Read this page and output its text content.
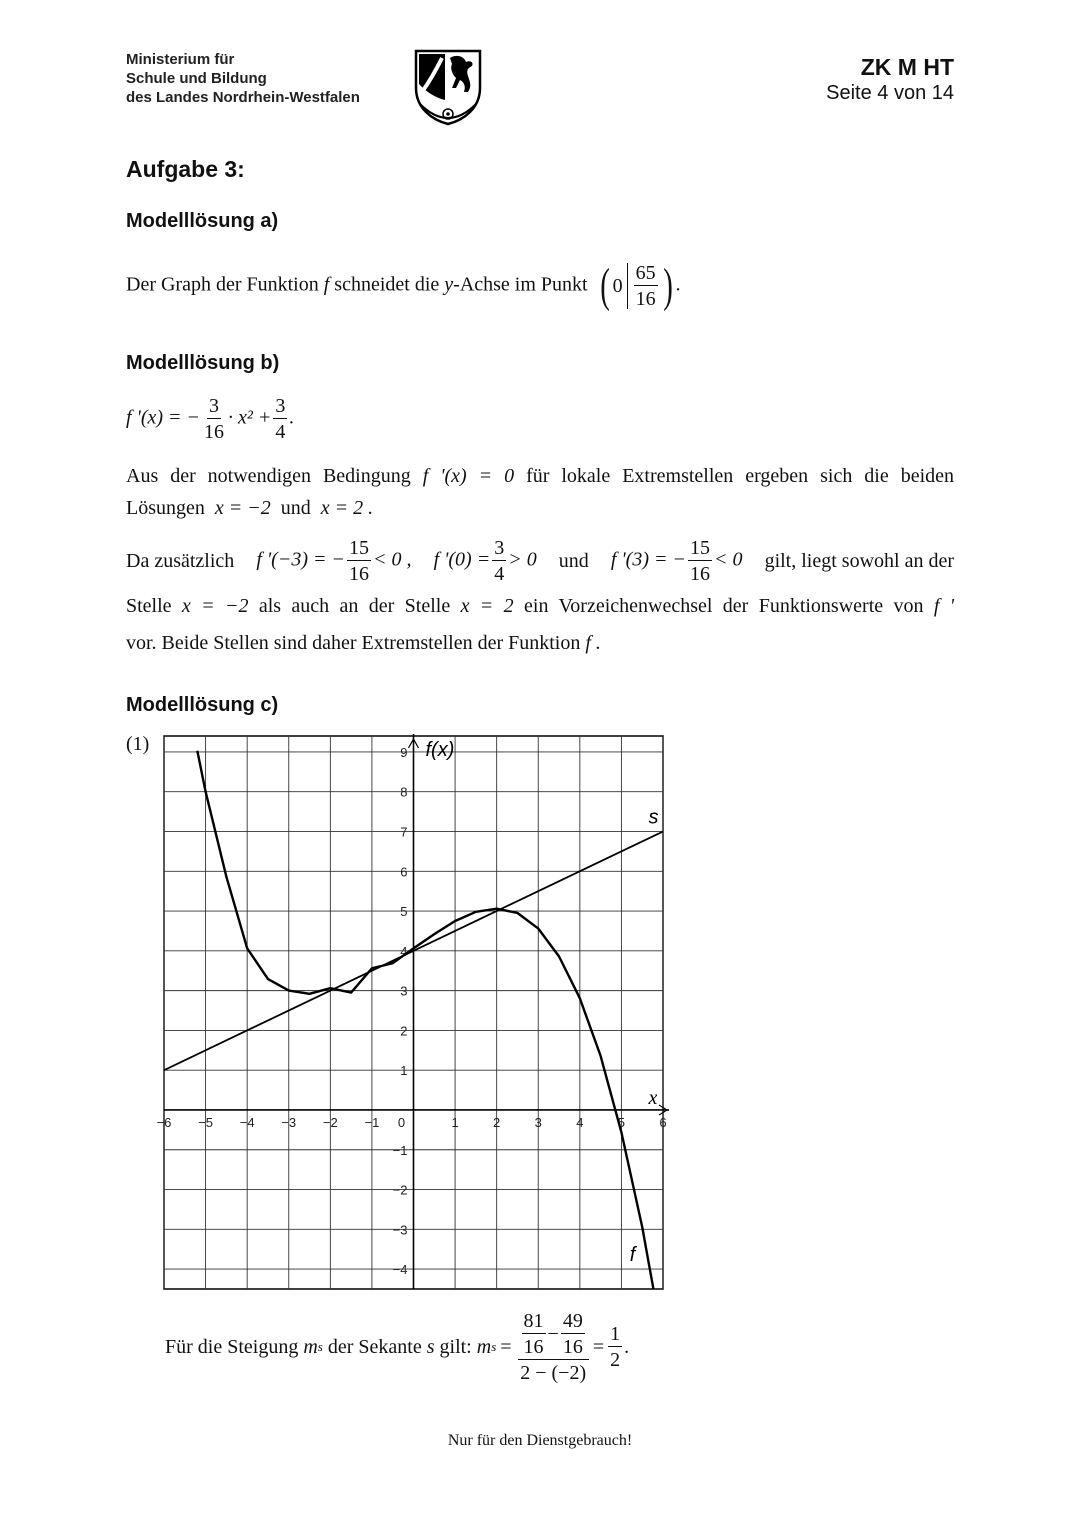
Ministerium für
Schule und Bildung
des Landes Nordrhein-Westfalen
ZK M HT
Seite 4 von 14
Aufgabe 3:
Modelllösung a)
Der Graph der Funktion f schneidet die y-Achse im Punkt ( $0 \frac{65}{16}$ ) .
Modelllösung b)
f '(x) = − $\frac{3}{16} \cdot x^2 + \frac{3}{4}$ .
Aus der notwendigen Bedingung f '(x) = 0 für lokale Extremstellen ergeben sich die beiden
Lösungen x = −2 und x = 2 .
Da zusätzlich f '(−3) = − $\frac{15}{16} < 0$ , f '$(0) = \frac{3}{4} > 0$ und f '(3) = − $\frac{15}{16} < 0$ gilt, liegt sowohl an der
Stelle x = −2 als auch an der Stelle x = 2 ein Vorzeichenwechsel der Funktionswerte von f '
vor. Beide Stellen sind daher Extremstellen der Funktion f .
Modelllösung c)
(1)
−6 −5 −4 −3 −2 −1 0	1	2	3	4	5	6
−4
−3
−2
−1
1
2
3
4
5
6
7
8
9
x
f(x)
f
s
Für die Steigung
m s
der Sekante
s
gilt:
m $s = \frac{\frac{81}{16} - \frac{49}{16}}{2 - (-2)} = \frac{1}{2}$ .
Nur für den Dienstgebrauch!
